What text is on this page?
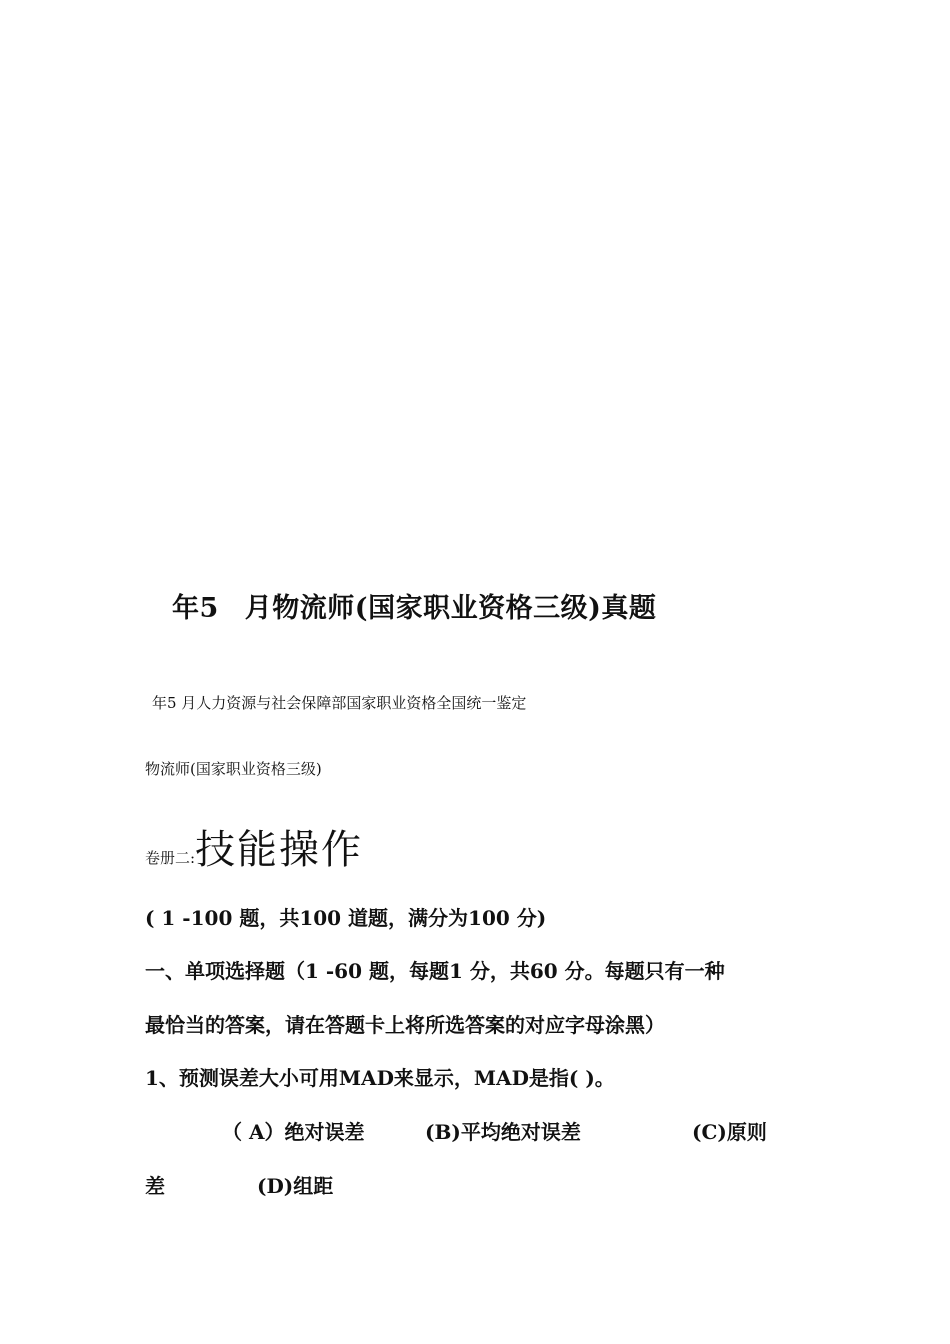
年5 月物流师(国家职业资格三级)真题
年5 月人力资源与社会保障部国家职业资格全国统一鉴定
物流师(国家职业资格三级)
卷册二:技能操作
( 1 -100 题，共100 道题，满分为100 分)
一、单项选择题（1 -60 题，每题1 分，共60 分。每题只有一种
最恰当的答案，请在答题卡上将所选答案的对应字母涂黑）
1、预测误差大小可用MAD来显示，MAD是指( )。
（ A）绝对误差	(B)平均绝对误差	(C)原则
差	(D)组距
